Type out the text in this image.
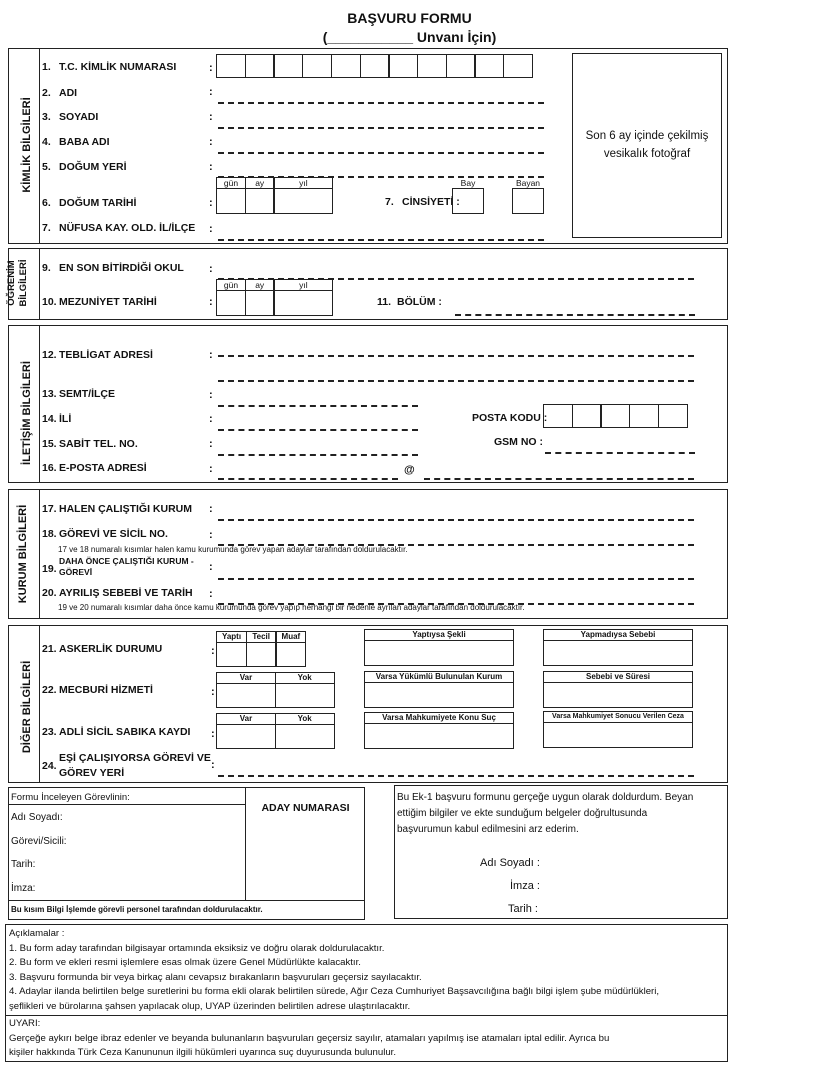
BAŞVURU FORMU
(___________ Unvanı İçin)
KİMLİK BİLGİLERİ
1. T.C. KİMLİK NUMARASI	:
2. ADI	:
3. SOYADI	:
4. BABA ADI	:
5. DOĞUM YERİ	:
gün	ay	yıl
6. DOĞUM TARİHİ	:	7. CİNSİYETİ :
Bay	Bayan
7. NÜFUSA KAY. OLD. İL/İLÇE :
Son 6 ay içinde çekilmiş
vesikalık fotoğraf
ÖĞRENİM BİLGİLERİ 9. EN SON BİTİRDİĞİ OKUL :
gün	ay	yıl
10. MEZUNİYET TARİHİ	:	11. BÖLÜM :
İLETİŞİM BİLGİLERİ
12. TEBLİGAT ADRESİ	:
13. SEMT/İLÇE	:
14. İLİ	:	POSTA KODU :
15. SABİT TEL. NO.	:	GSM NO :
16. E-POSTA ADRESİ	:	@
KURUM BİLGİLERİ 17. HALEN ÇALIŞTIĞI KURUM :
18. GÖREVİ VE SİCİL NO.	:
17 ve 18 numaralı kısımlar halen kamu kurumunda görev yapan adaylar tarafından doldurulacaktır.
19.
DAHA ÖNCE ÇALIŞTIĞI KURUM -
GÖREVİ	:
20. AYRILIŞ SEBEBİ VE TARİH :
19 ve 20 numaralı kısımlar daha önce kamu kurumunda görev yapıp herhangi bir nedenle ayrılan adaylar tarafından doldurulacaktır.
DİĞER BİLGİLERİ
21. ASKERLİK DURUMU	:
Yaptı	Tecil	Muaf	Yaptıysa Şekli	Yapmadıysa Sebebi
22. MECBURİ HİZMETİ	:
Var	Yok	Varsa Yükümlü Bulunulan Kurum	Sebebi ve Süresi
23. ADLİ SİCİL SABIKA KAYDI :
Var	Yok	Varsa Mahkumiyete Konu Suç	Varsa Mahkumiyet Sonucu Verilen Ceza
24.
EŞİ ÇALIŞIYORSA GÖREVİ VE
GÖREV YERİ
:
Formu İnceleyen Görevlinin:
Adı Soyadı:
Görevi/Sicili:
Tarih:
İmza:
Bu kısım Bilgi İşlemde görevli personel tarafından doldurulacaktır.
ADAY NUMARASI
Bu Ek-1 başvuru formunu gerçeğe uygun olarak doldurdum. Beyan
ettiğim bilgiler ve ekte sunduğum belgeler doğrultusunda
başvurumun kabul edilmesini arz ederim.
Adı Soyadı :
İmza :
Tarih :
Açıklamalar :
1. Bu form aday tarafından bilgisayar ortamında eksiksiz ve doğru olarak doldurulacaktır.
2. Bu form ve ekleri resmi işlemlere esas olmak üzere Genel Müdürlükte kalacaktır.
3. Başvuru formunda bir veya birkaç alanı cevapsız bırakanların başvuruları geçersiz sayılacaktır.
4. Adaylar ilanda belirtilen belge suretlerini bu forma ekli olarak belirtilen sürede, Ağır Ceza Cumhuriyet Başsavcılığına bağlı bilgi işlem şube müdürlükleri,
şeflikleri ve bürolarına şahsen yapılacak olup, UYAP üzerinden belirtilen adrese ulaştırılacaktır.
UYARI:
Gerçeğe aykırı belge ibraz edenler ve beyanda bulunanların başvuruları geçersiz sayılır, atamaları yapılmış ise atamaları iptal edilir. Ayrıca bu
kişiler hakkında Türk Ceza Kanununun ilgili hükümleri uyarınca suç duyurusunda bulunulur.
